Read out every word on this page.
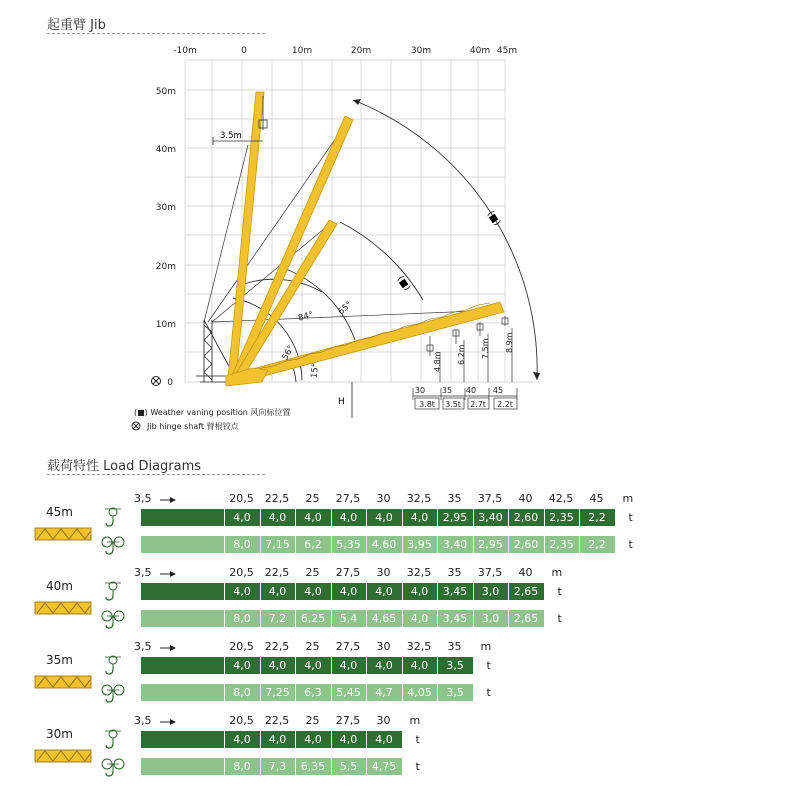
起重臂 Jib
-10m	0	10m	20m	30m	40m 45m
50m
40m
30m
20m
10m
0
(■)
(■)
3.5m
84°	65°
56°
15°
H
4.8m 6.2m 7.5m 8.9m
30 35 40 45
3.8t 3.5t 2.7t 2.2t
(■) Weather vaning position 风向标位置
Jib hinge shaft 臂根铰点
载荷特性 Load Diagrams
45m
3,5	20,5	22,5	25	27,5	30	32,5	35	37,5	40	42,5	45	m
4,0	4,0	4,0	4,0	4,0	4,0	2,95	3,40	2,60	2,35	2,2	t
8,0	7,15	6,2	5,35	4,60	3,95	3,40	2,95	2,60	2,35	2,2	t
40m
3,5	20,5	22,5	25	27,5	30	32,5	35	37,5	40	m
4,0	4,0	4,0	4,0	4,0	4,0	3,45	3,0	2,65	t
8,0	7,2	6,25	5,4	4,65	4,0	3,45	3,0	2,65	t
35m
3,5	20,5	22,5	25	27,5	30	32,5	35	m
4,0	4,0	4,0	4,0	4,0	4,0	3,5	t
8,0	7,25	6,3	5,45	4,7	4,05	3,5	t
30m
3,5	20,5	22,5	25	27,5	30	m
4,0	4,0	4,0	4,0	4,0	t
8,0	7,3	6,35	5,5	4,75	t
